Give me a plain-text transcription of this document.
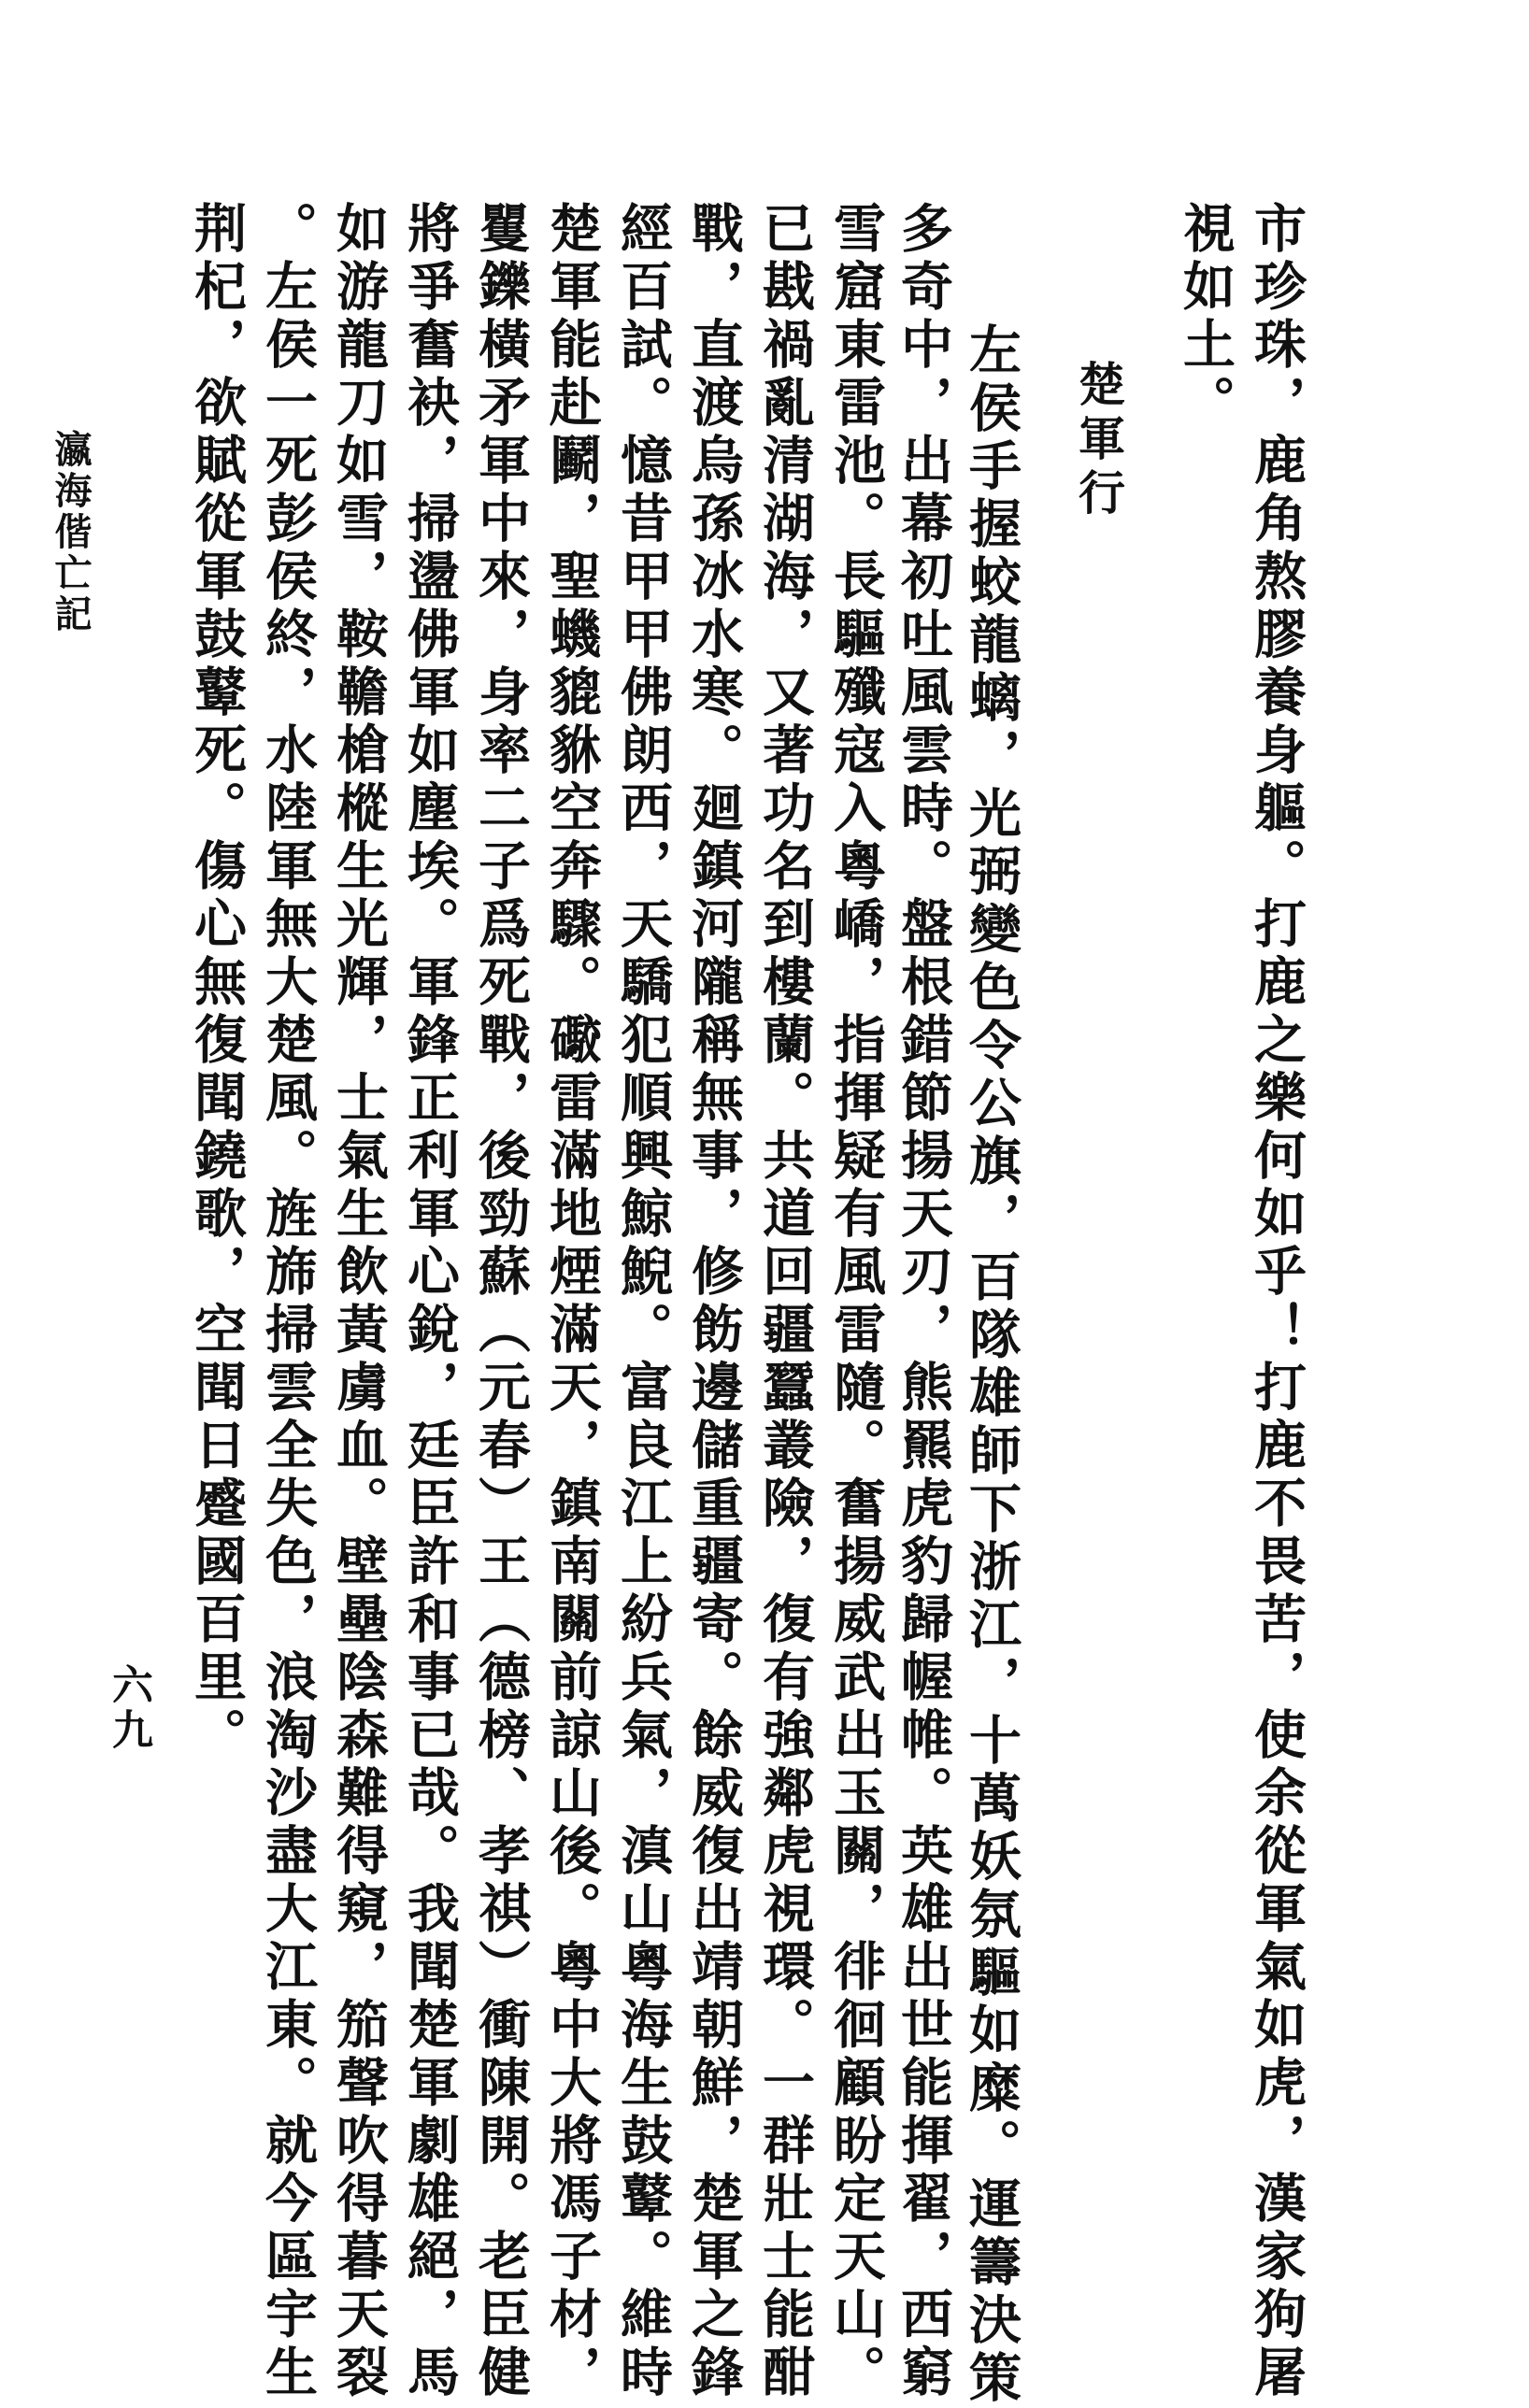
市珍珠，鹿角熬膠養身軀。打鹿之樂何如乎！打鹿不畏苦，使余從軍氣如虎，漢家狗屠
視如土。
楚軍行
左侯手握蛟龍螭，光弼變色令公旗，百隊雄師下浙江，十萬妖氛驅如糜。運籌決策
多奇中，出幕初吐風雲時。盤根錯節揚天刃，熊羆虎豹歸幄帷。英雄出世能揮翟，西窮
雪窟東雷池。長驅殲寇入粵嶠，指揮疑有風雷隨。奮揚威武出玉關，徘徊顧盼定天山。
已戡禍亂清湖海，又著功名到樓蘭。共道回疆蠶叢險，復有強鄰虎視環。一群壯士能酣
戰，直渡烏孫冰水寒。廻鎮河隴稱無事，修飭邊儲重疆寄。餘威復出靖朝鮮，楚軍之鋒
經百試。憶昔甲甲佛朗西，天驕犯順興鯨鯢。富良江上紛兵氣，滇山粵海生鼓鼙。維時
楚軍能赴鬬，聖蟣貔貅空奔驟。礮雷滿地煙滿天，鎮南關前諒山後。粵中大將馮子材，
矍鑠橫矛軍中來，身率二子爲死戰，後勁蘇（元春）王（德榜、孝祺）衝陳開。老臣健
將爭奮袂，掃盪佛軍如塵埃。軍鋒正利軍心銳，廷臣許和事已哉。我聞楚軍劇雄絕，馬
如游龍刀如雪，鞍韂槍樅生光輝，士氣生飲黃虜血。壁壘陰森難得窺，笳聲吹得暮天裂
。左侯一死彭侯終，水陸軍無大楚風。旌旆掃雲全失色，浪淘沙盡大江東。就今區宇生
荆杞，欲賦從軍鼓鼙死。傷心無復聞鐃歌，空聞日蹙國百里。
瀛海偕亡記
六九
